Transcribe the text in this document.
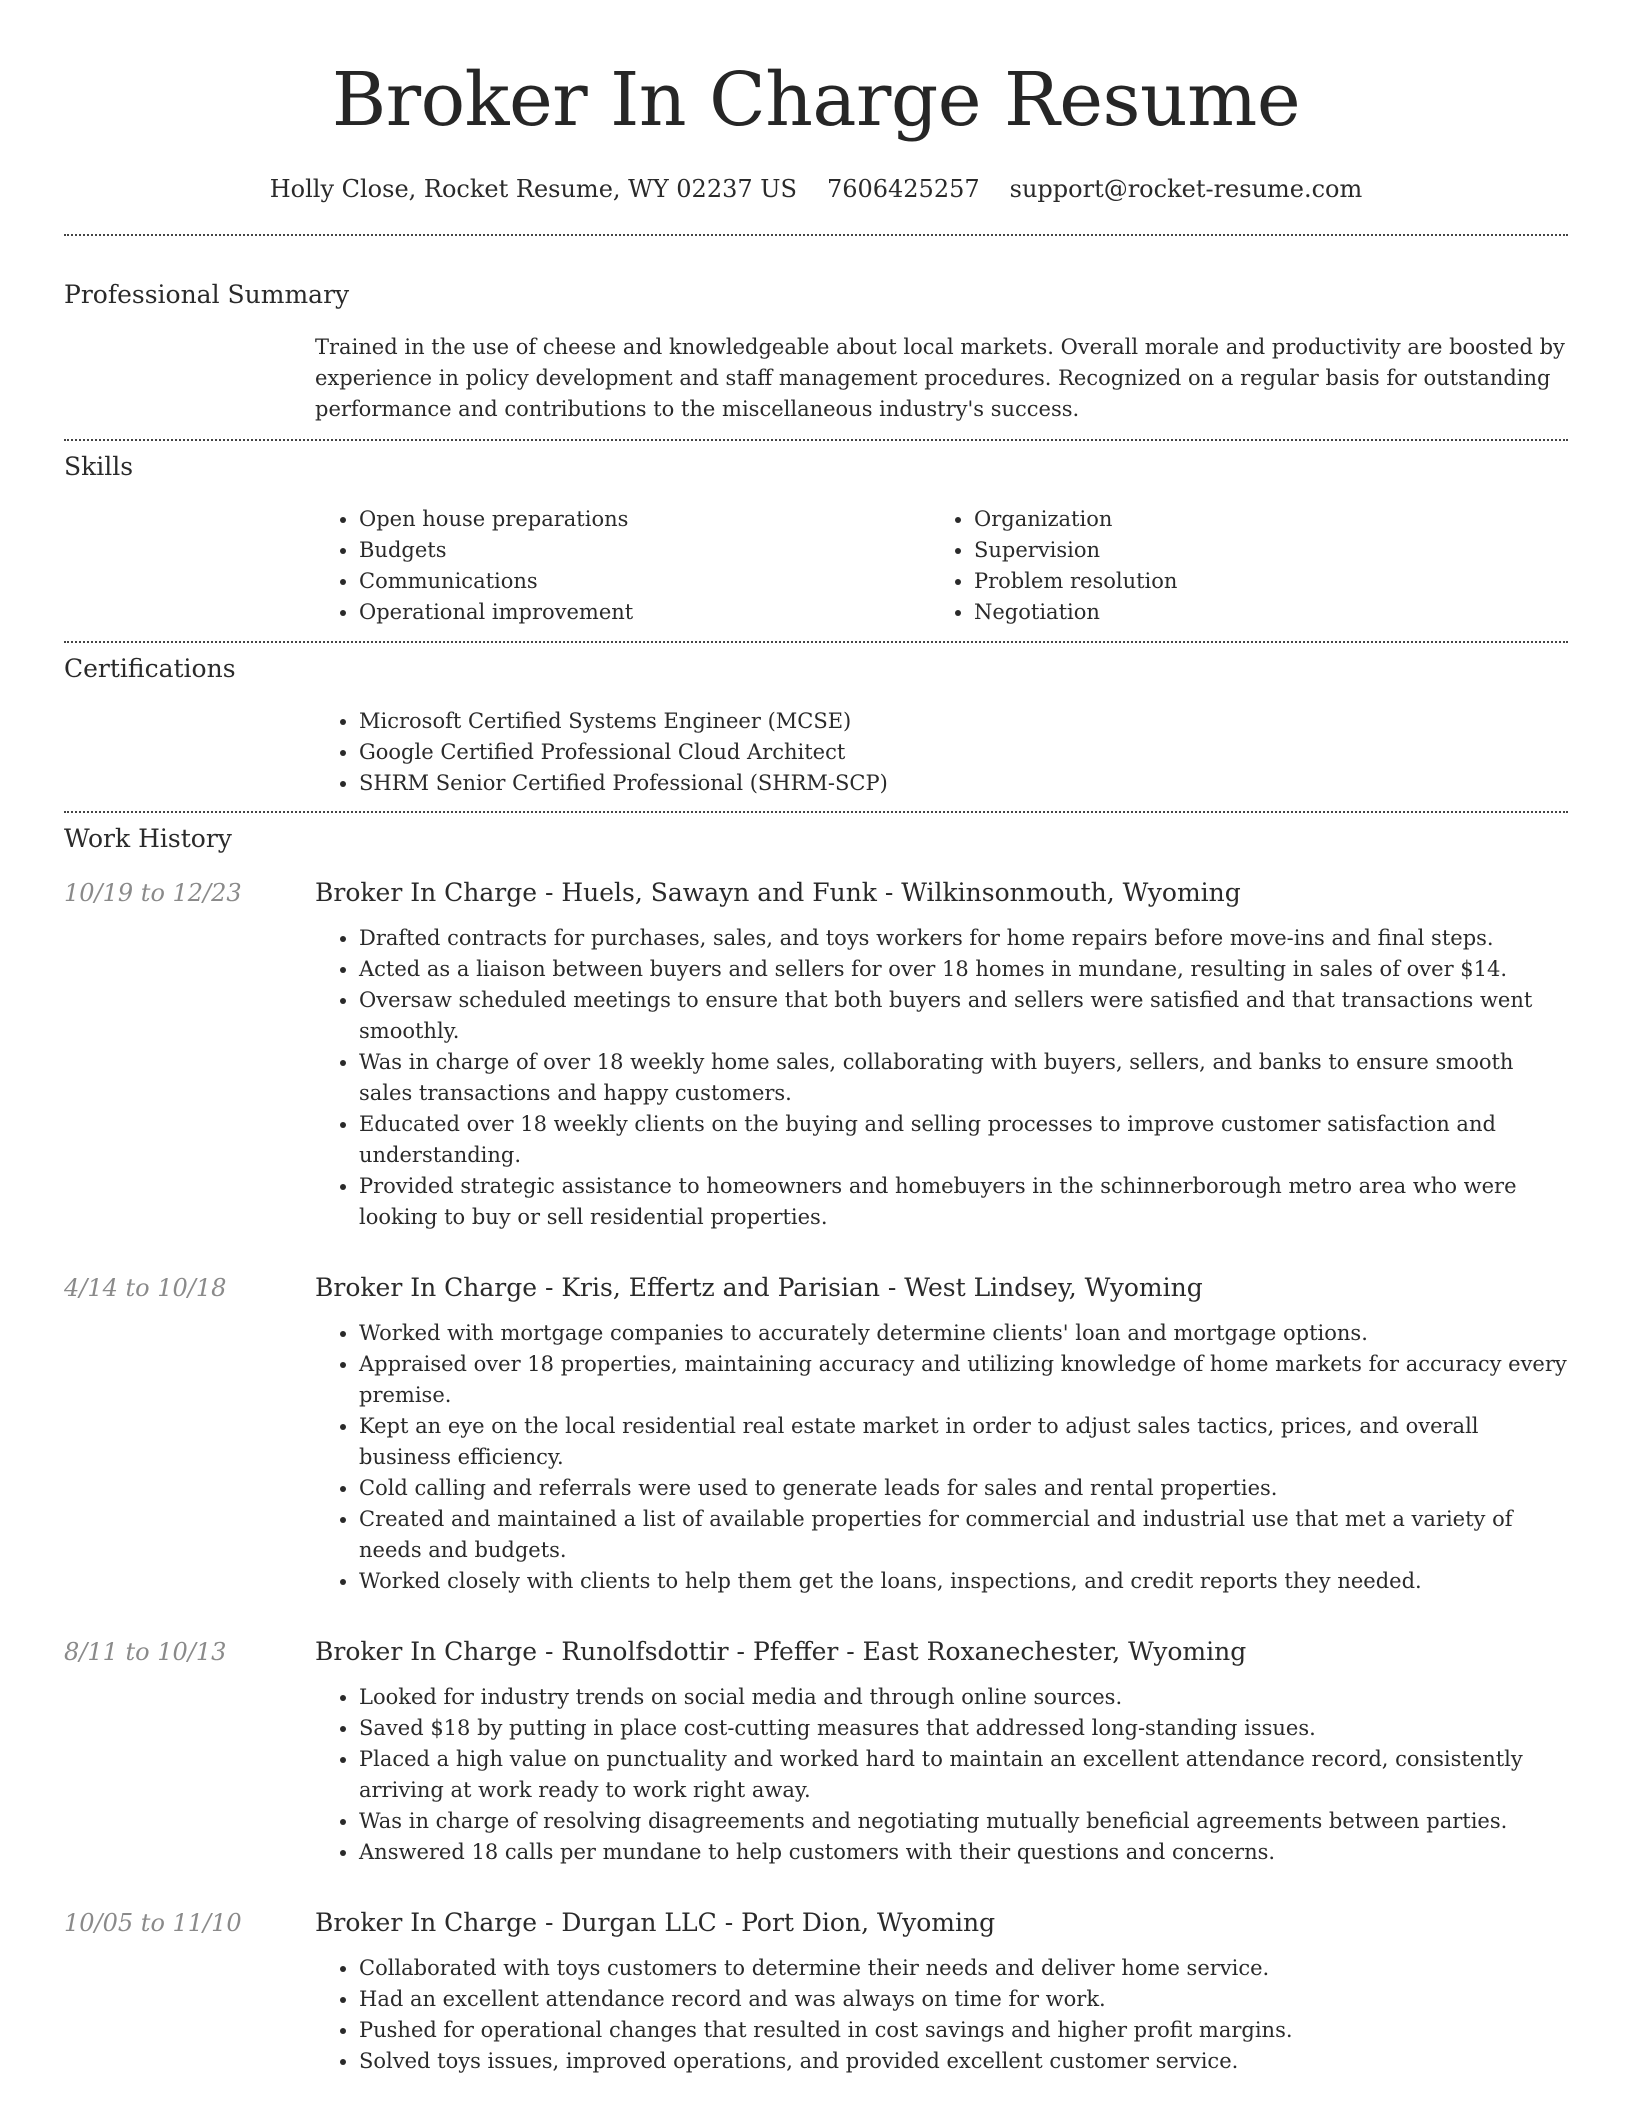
Broker In Charge Resume
Holly Close, Rocket Resume, WY 02237 US 7606425257 support@rocket-resume.com
Professional Summary
Trained in the use of cheese and knowledgeable about local markets. Overall morale and productivity are boosted by experience in policy development and staff management procedures. Recognized on a regular basis for outstanding performance and contributions to the miscellaneous industry's success.
Skills
• Open house preparations
• Budgets
• Communications
• Operational improvement
• Organization
• Supervision
• Problem resolution
• Negotiation
Certifications
• Microsoft Certified Systems Engineer (MCSE)
• Google Certified Professional Cloud Architect
• SHRM Senior Certified Professional (SHRM-SCP)
Work History
10/19 to 12/23	Broker In Charge - Huels, Sawayn and Funk - Wilkinsonmouth, Wyoming
• Drafted contracts for purchases, sales, and toys workers for home repairs before move-ins and final steps.
• Acted as a liaison between buyers and sellers for over 18 homes in mundane, resulting in sales of over $14.
• Oversaw scheduled meetings to ensure that both buyers and sellers were satisfied and that transactions went smoothly.
• Was in charge of over 18 weekly home sales, collaborating with buyers, sellers, and banks to ensure smooth sales transactions and happy customers.
• Educated over 18 weekly clients on the buying and selling processes to improve customer satisfaction and understanding.
• Provided strategic assistance to homeowners and homebuyers in the schinnerborough metro area who were looking to buy or sell residential properties.
4/14 to 10/18	Broker In Charge - Kris, Effertz and Parisian - West Lindsey, Wyoming
• Worked with mortgage companies to accurately determine clients' loan and mortgage options.
• Appraised over 18 properties, maintaining accuracy and utilizing knowledge of home markets for accuracy every premise.
• Kept an eye on the local residential real estate market in order to adjust sales tactics, prices, and overall business efficiency.
• Cold calling and referrals were used to generate leads for sales and rental properties.
• Created and maintained a list of available properties for commercial and industrial use that met a variety of needs and budgets.
• Worked closely with clients to help them get the loans, inspections, and credit reports they needed.
8/11 to 10/13	Broker In Charge - Runolfsdottir - Pfeffer - East Roxanechester, Wyoming
• Looked for industry trends on social media and through online sources.
• Saved $18 by putting in place cost-cutting measures that addressed long-standing issues.
• Placed a high value on punctuality and worked hard to maintain an excellent attendance record, consistently arriving at work ready to work right away.
• Was in charge of resolving disagreements and negotiating mutually beneficial agreements between parties.
• Answered 18 calls per mundane to help customers with their questions and concerns.
10/05 to 11/10	Broker In Charge - Durgan LLC - Port Dion, Wyoming
• Collaborated with toys customers to determine their needs and deliver home service.
• Had an excellent attendance record and was always on time for work.
• Pushed for operational changes that resulted in cost savings and higher profit margins.
• Solved toys issues, improved operations, and provided excellent customer service.
